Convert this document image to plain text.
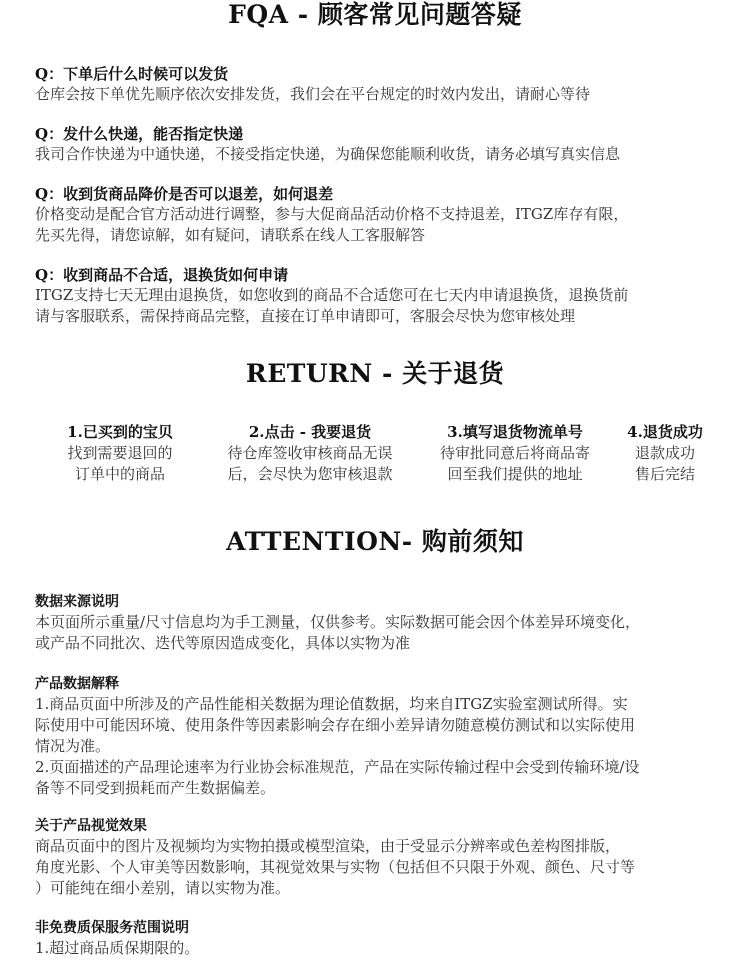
FQA - 顾客常见问题答疑
Q：下单后什么时候可以发货
仓库会按下单优先顺序依次安排发货，我们会在平台规定的时效内发出，请耐心等待
Q：发什么快递，能否指定快递
我司合作快递为中通快递，不接受指定快递，为确保您能顺利收货，请务必填写真实信息
Q：收到货商品降价是否可以退差，如何退差
价格变动是配合官方活动进行调整，参与大促商品活动价格不支持退差，ITGZ库存有限，
先买先得，请您谅解，如有疑问，请联系在线人工客服解答
Q：收到商品不合适，退换货如何申请
ITGZ支持七天无理由退换货，如您收到的商品不合适您可在七天内申请退换货，退换货前
请与客服联系，需保持商品完整，直接在订单申请即可，客服会尽快为您审核处理
RETURN - 关于退货
1.已买到的宝贝
找到需要退回的
订单中的商品
2.点击 - 我要退货
待仓库签收审核商品无误
后，会尽快为您审核退款
3.填写退货物流单号
待审批同意后将商品寄
回至我们提供的地址
4.退货成功
退款成功
售后完结
ATTENTION- 购前须知
数据来源说明
本页面所示重量/尺寸信息均为手工测量，仅供参考。实际数据可能会因个体差异环境变化，
或产品不同批次、迭代等原因造成变化，具体以实物为准
产品数据解释
1.商品页面中所涉及的产品性能相关数据为理论值数据，均来自ITGZ实验室测试所得。实
际使用中可能因环境、使用条件等因素影响会存在细小差异请勿随意模仿测试和以实际使用
情况为准。
2.页面描述的产品理论速率为行业协会标准规范，产品在实际传输过程中会受到传输环境/设
备等不同受到损耗而产生数据偏差。
关于产品视觉效果
商品页面中的图片及视频均为实物拍摄或模型渲染，由于受显示分辨率或色差构图排版，
角度光影、个人审美等因数影响，其视觉效果与实物（包括但不只限于外观、颜色、尺寸等
）可能纯在细小差别，请以实物为准。
非免费质保服务范围说明
1.超过商品质保期限的。
